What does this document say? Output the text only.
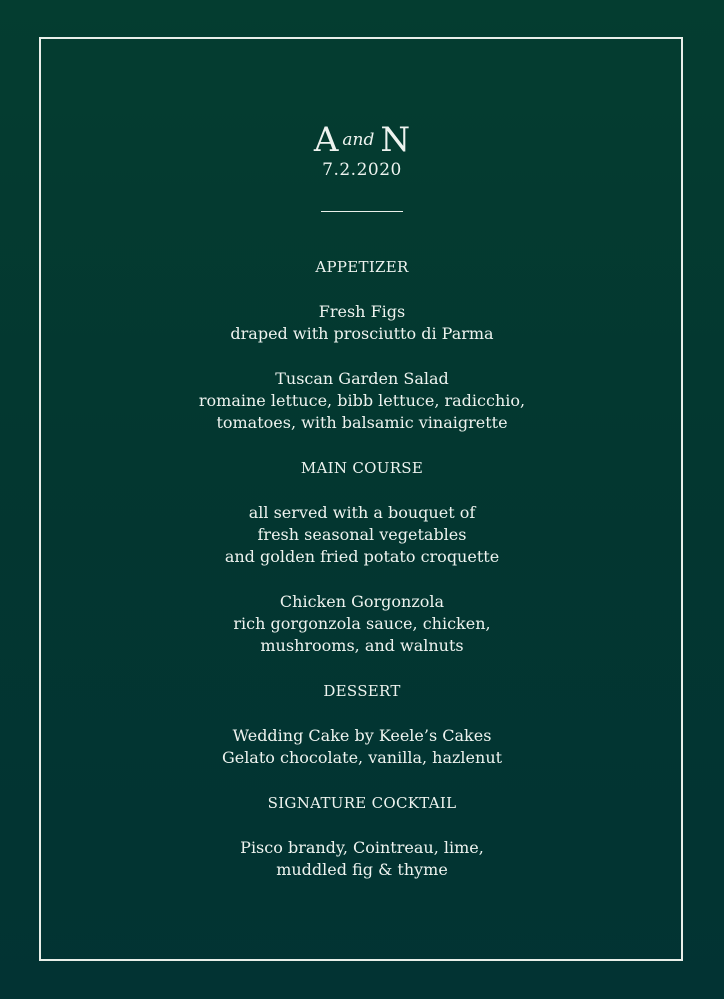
A and N
7.2.2020
APPETIZER
Fresh Figs
draped with prosciutto di Parma
Tuscan Garden Salad
romaine lettuce, bibb lettuce, radicchio,
tomatoes, with balsamic vinaigrette
MAIN COURSE
all served with a bouquet of
fresh seasonal vegetables
and golden fried potato croquette
Chicken Gorgonzola
rich gorgonzola sauce, chicken,
mushrooms, and walnuts
DESSERT
Wedding Cake by Keele’s Cakes
Gelato chocolate, vanilla, hazlenut
SIGNATURE COCKTAIL
Pisco brandy, Cointreau, lime,
muddled fig & thyme
